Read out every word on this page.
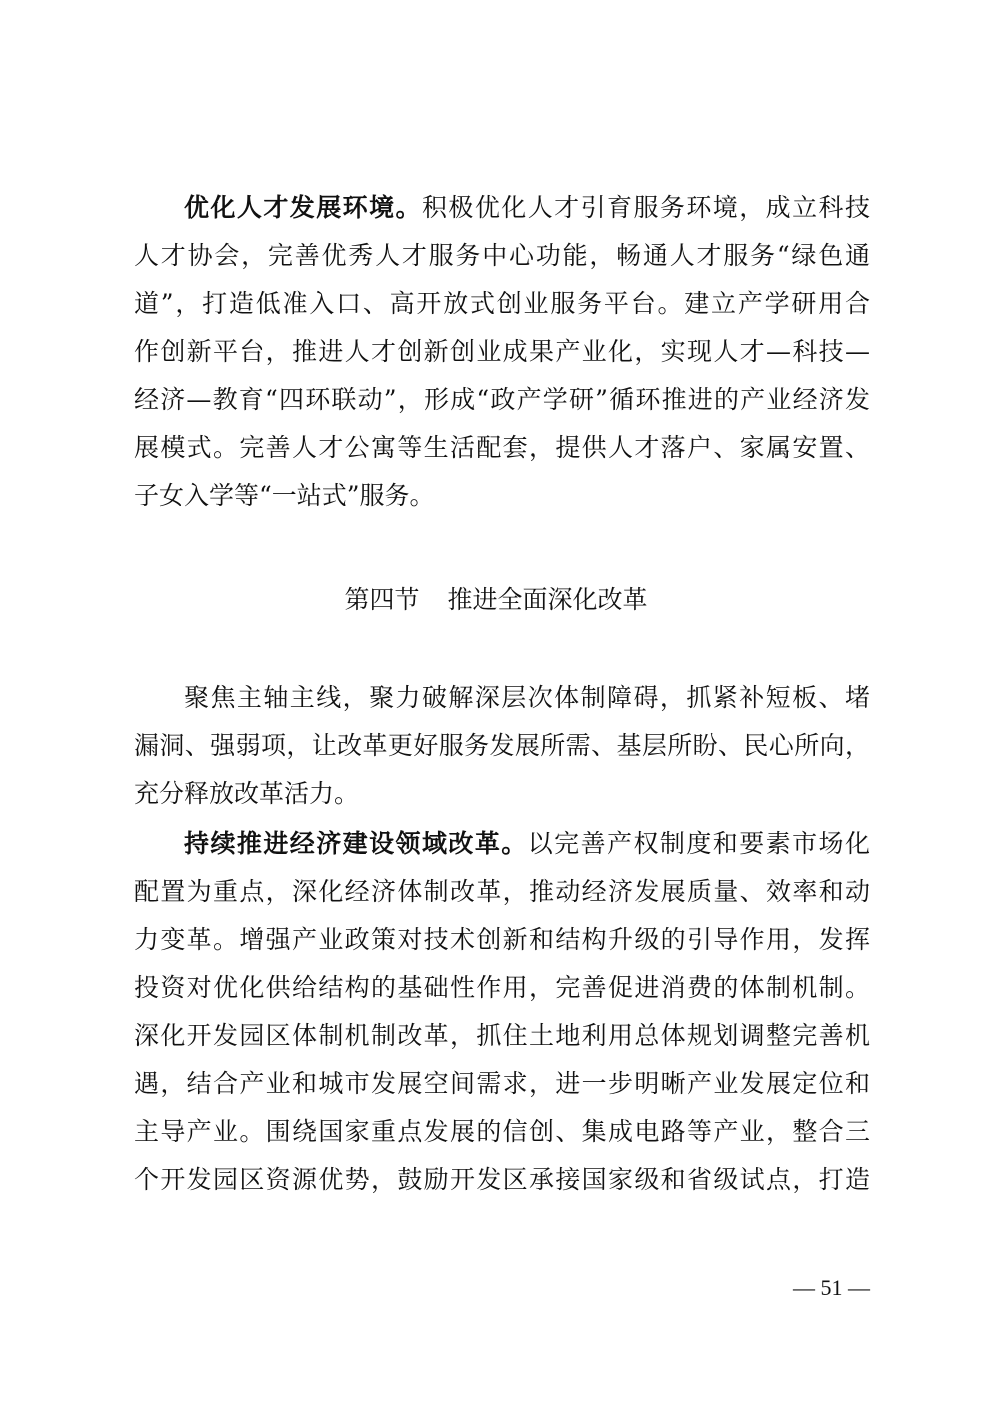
优化人才发展环境。积极优化人才引育服务环境，成立科技
人才协会，完善优秀人才服务中心功能，畅通人才服务“绿色通
道”，打造低准入口、高开放式创业服务平台。建立产学研用合
作创新平台，推进人才创新创业成果产业化，实现人才—科技—
经济—教育“四环联动”，形成“政产学研”循环推进的产业经济发
展模式。完善人才公寓等生活配套，提供人才落户、家属安置、
子女入学等“一站式”服务。
第四节 推进全面深化改革
聚焦主轴主线，聚力破解深层次体制障碍，抓紧补短板、堵
漏洞、强弱项，让改革更好服务发展所需、基层所盼、民心所向，
充分释放改革活力。
持续推进经济建设领域改革。以完善产权制度和要素市场化
配置为重点，深化经济体制改革，推动经济发展质量、效率和动
力变革。增强产业政策对技术创新和结构升级的引导作用，发挥
投资对优化供给结构的基础性作用，完善促进消费的体制机制。
深化开发园区体制机制改革，抓住土地利用总体规划调整完善机
遇，结合产业和城市发展空间需求，进一步明晰产业发展定位和
主导产业。围绕国家重点发展的信创、集成电路等产业，整合三
个开发园区资源优势，鼓励开发区承接国家级和省级试点，打造
— 51 —
